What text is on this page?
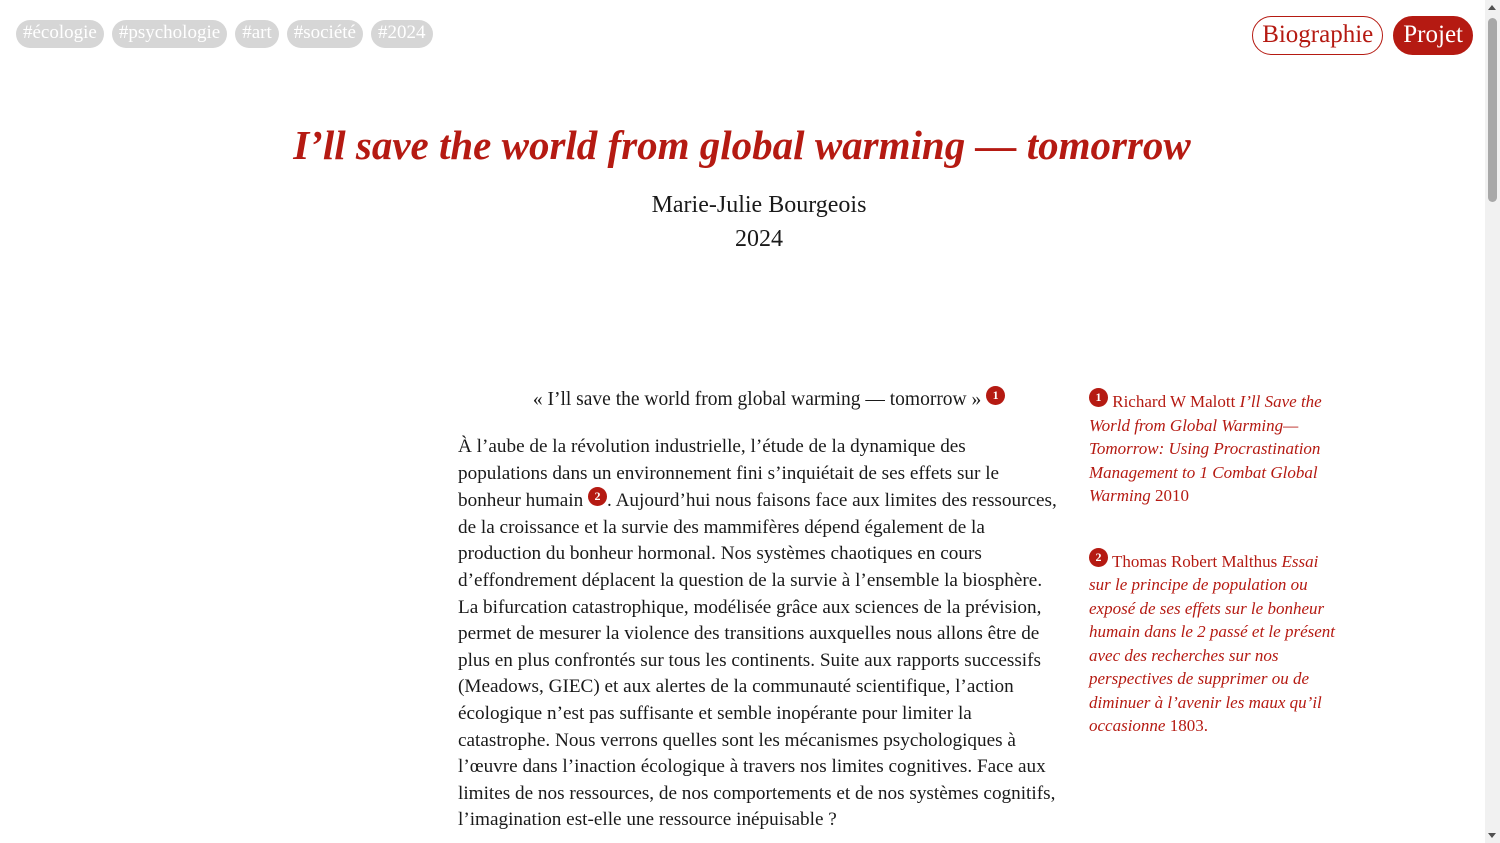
#écologie	#psychologie	#art	#société	#2024	Biographie	Projet
I’ll save the world from global warming — tomorrow
Marie-Julie Bourgeois
2024

« I’ll save the world from global warming — tomorrow » 1

À l’aube de la révolution industrielle, l’étude de la dynamique des populations dans un environnement fini s’inquiétait de ses effets sur le bonheur humain 2 . Aujourd’hui nous faisons face aux limites des ressources, de la croissance et la survie des mammifères dépend également de la production du bonheur hormonal. Nos systèmes chaotiques en cours d’effondrement déplacent la question de la survie à l’ensemble la biosphère. La bifurcation catastrophique, modélisée grâce aux sciences de la prévision, permet de mesurer la violence des transitions auxquelles nous allons être de plus en plus confrontés sur tous les continents. Suite aux rapports successifs (Meadows, GIEC) et aux alertes de la communauté scientifique, l’action écologique n’est pas suffisante et semble inopérante pour limiter la catastrophe. Nous verrons quelles sont les mécanismes psychologiques à l’œuvre dans l’inaction écologique à travers nos limites cognitives. Face aux limites de nos ressources, de nos comportements et de nos systèmes cognitifs, l’imagination est-elle une ressource inépuisable ?

1 Richard W Malott I’ll Save the World from Global Warming—Tomorrow: Using Procrastination Management to 1 Combat Global Warming 2010

2 Thomas Robert Malthus Essai sur le principe de population ou exposé de ses effets sur le bonheur humain dans le 2 passé et le présent avec des recherches sur nos perspectives de supprimer ou de diminuer à l’avenir les maux qu’il occasionne 1803.
